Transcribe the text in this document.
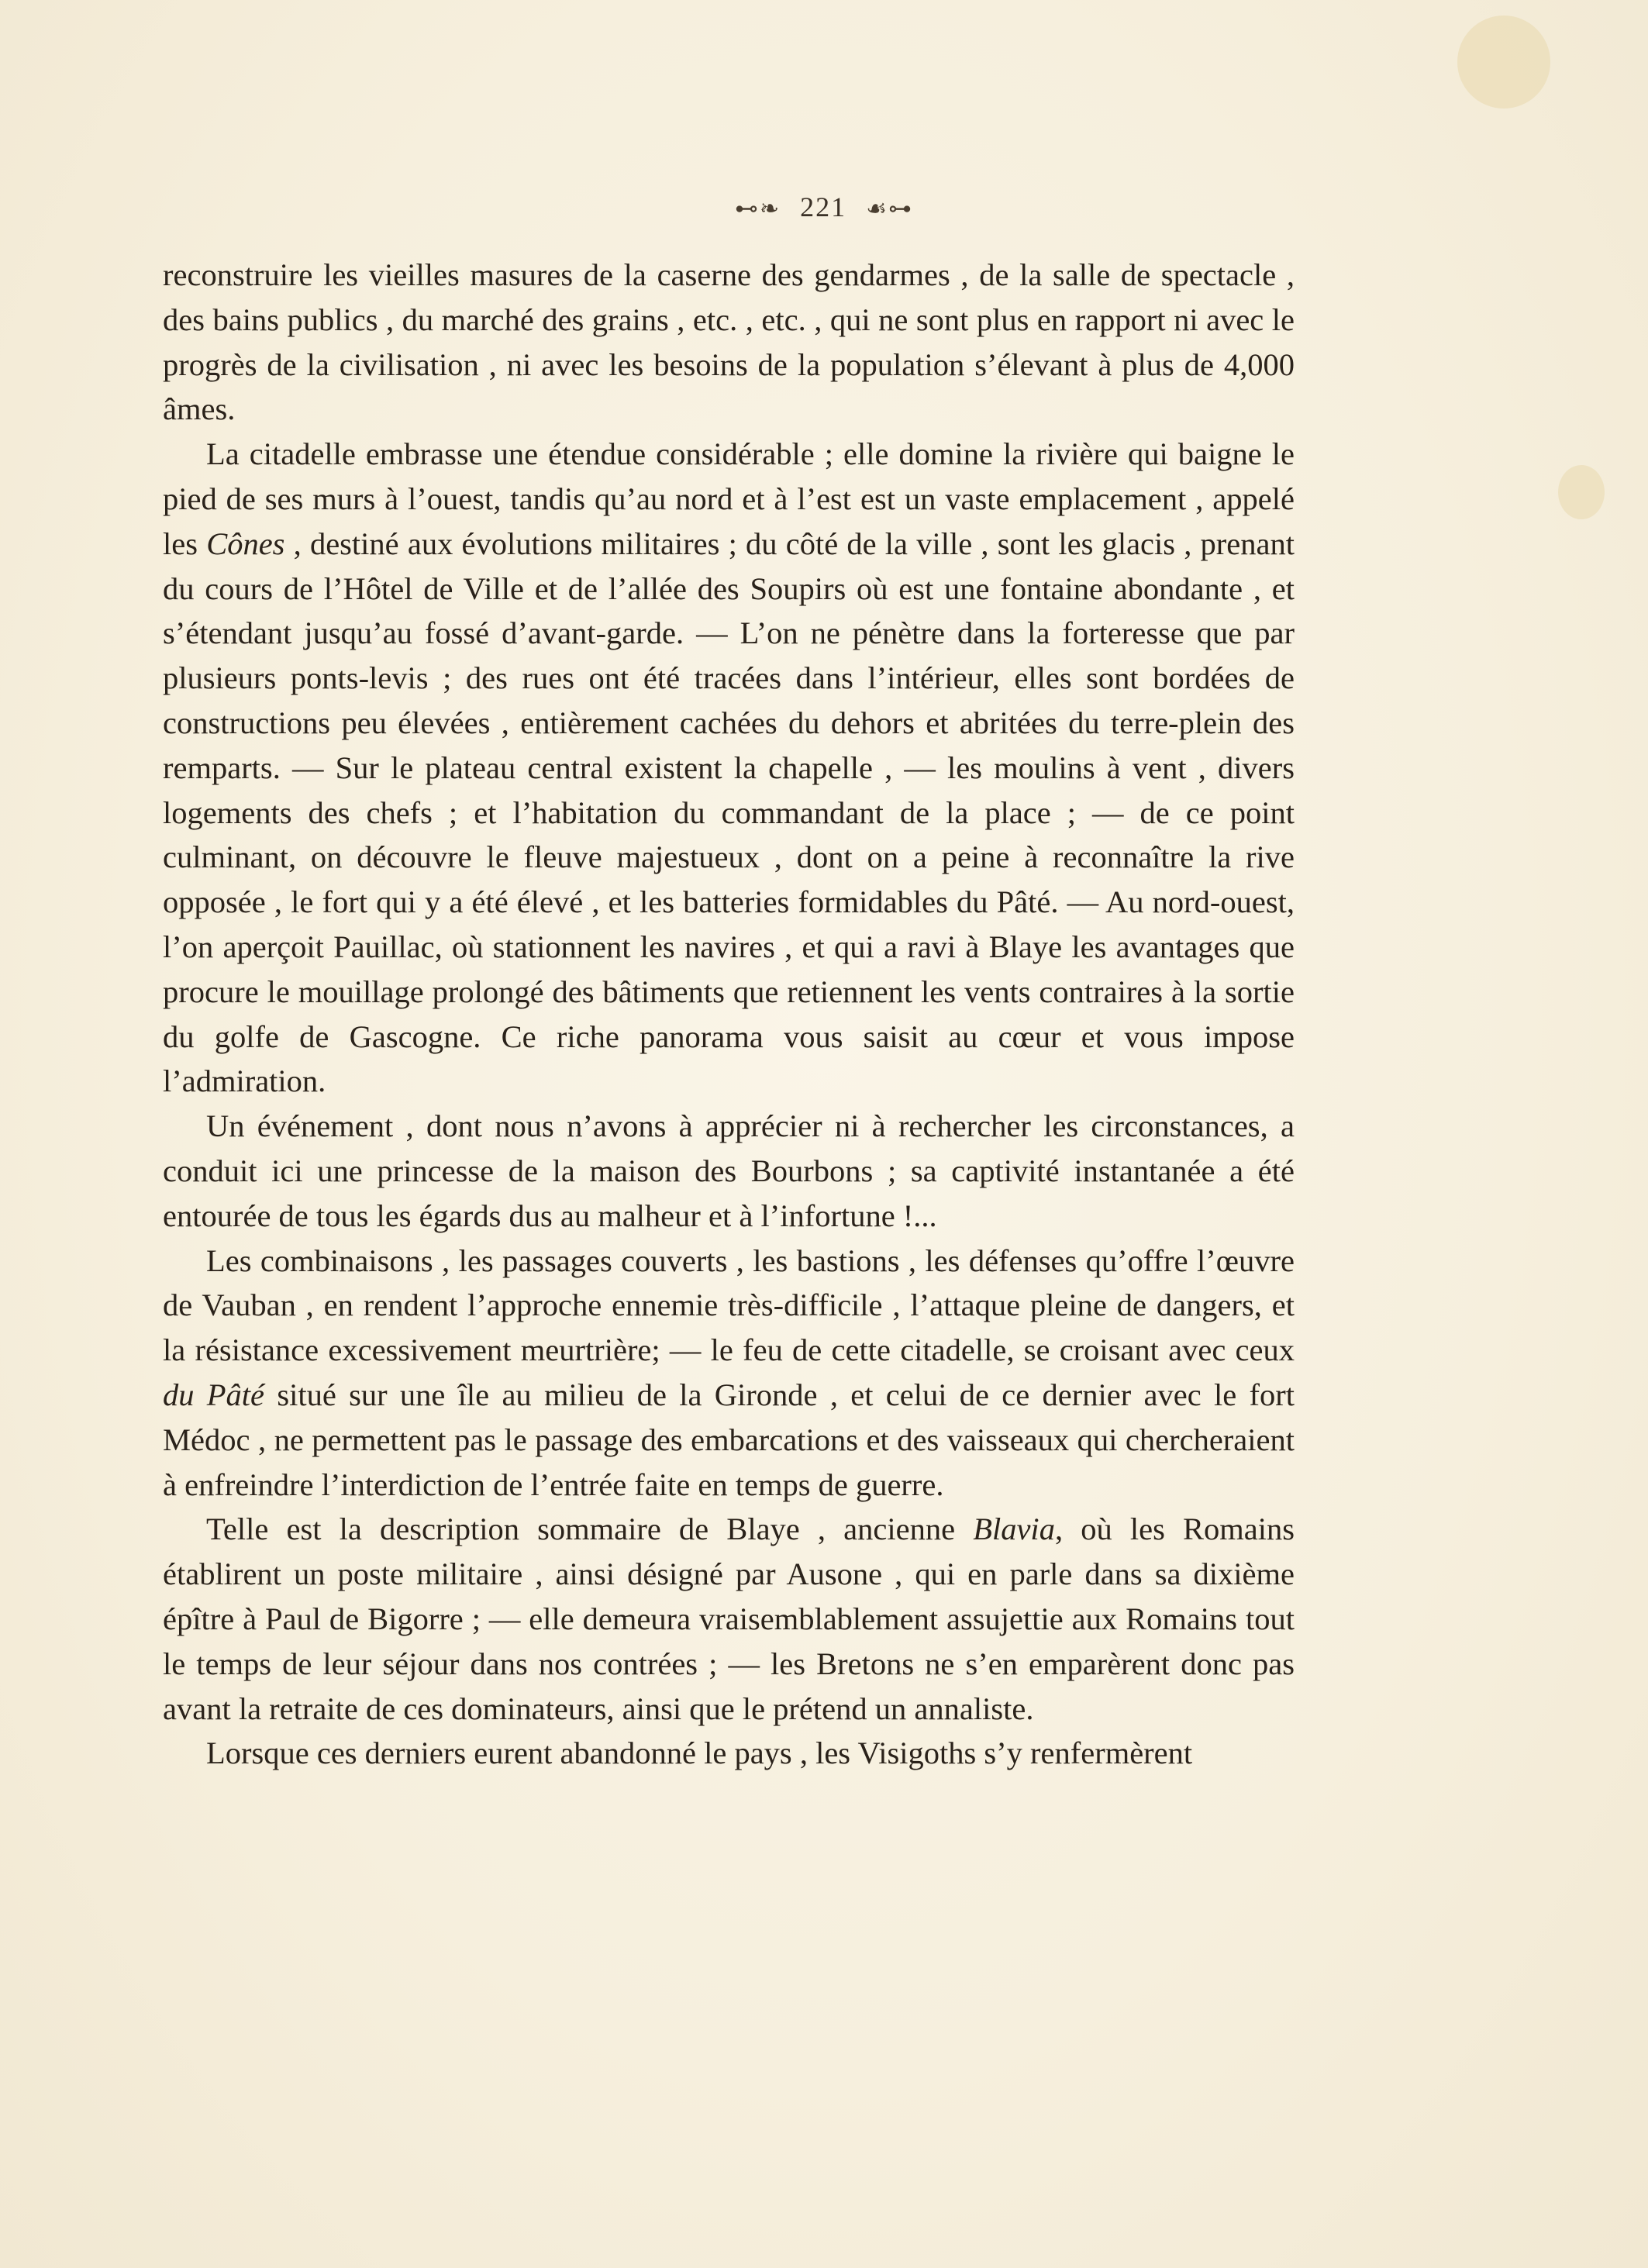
⊷❧ 221 ☙⊶

reconstruire les vieilles masures de la caserne des gendarmes , de la salle de spectacle , des bains publics , du marché des grains , etc. , etc. , qui ne sont plus en rapport ni avec le progrès de la civilisation , ni avec les besoins de la population s’élevant à plus de 4,000 âmes.

La citadelle embrasse une étendue considérable ; elle domine la rivière qui baigne le pied de ses murs à l’ouest, tandis qu’au nord et à l’est est un vaste emplacement , appelé les Cônes , destiné aux évolutions militaires ; du côté de la ville , sont les glacis , prenant du cours de l’Hôtel de Ville et de l’allée des Soupirs où est une fontaine abondante , et s’étendant jusqu’au fossé d’avant-garde. — L’on ne pénètre dans la forteresse que par plusieurs ponts-levis ; des rues ont été tracées dans l’intérieur, elles sont bordées de constructions peu élevées , entièrement cachées du dehors et abritées du terre-plein des remparts. — Sur le plateau central existent la chapelle , — les moulins à vent , divers logements des chefs ; et l’habitation du commandant de la place ; — de ce point culminant, on découvre le fleuve majestueux , dont on a peine à reconnaître la rive opposée , le fort qui y a été élevé , et les batteries formidables du Pâté. — Au nord-ouest, l’on aperçoit Pauillac, où stationnent les navires , et qui a ravi à Blaye les avantages que procure le mouillage prolongé des bâtiments que retiennent les vents contraires à la sortie du golfe de Gascogne. Ce riche panorama vous saisit au cœur et vous impose l’admiration.

Un événement , dont nous n’avons à apprécier ni à rechercher les circonstances, a conduit ici une princesse de la maison des Bourbons ; sa captivité instantanée a été entourée de tous les égards dus au malheur et à l’infortune !...

Les combinaisons , les passages couverts , les bastions , les défenses qu’offre l’œuvre de Vauban , en rendent l’approche ennemie très-difficile , l’attaque pleine de dangers, et la résistance excessivement meurtrière; — le feu de cette citadelle, se croisant avec ceux du Pâté situé sur une île au milieu de la Gironde , et celui de ce dernier avec le fort Médoc , ne permettent pas le passage des embarcations et des vaisseaux qui chercheraient à enfreindre l’interdiction de l’entrée faite en temps de guerre.

Telle est la description sommaire de Blaye , ancienne Blavia, où les Romains établirent un poste militaire , ainsi désigné par Ausone , qui en parle dans sa dixième épître à Paul de Bigorre ; — elle demeura vraisemblablement assujettie aux Romains tout le temps de leur séjour dans nos contrées ; — les Bretons ne s’en emparèrent donc pas avant la retraite de ces dominateurs, ainsi que le prétend un annaliste.

Lorsque ces derniers eurent abandonné le pays , les Visigoths s’y renfermèrent
